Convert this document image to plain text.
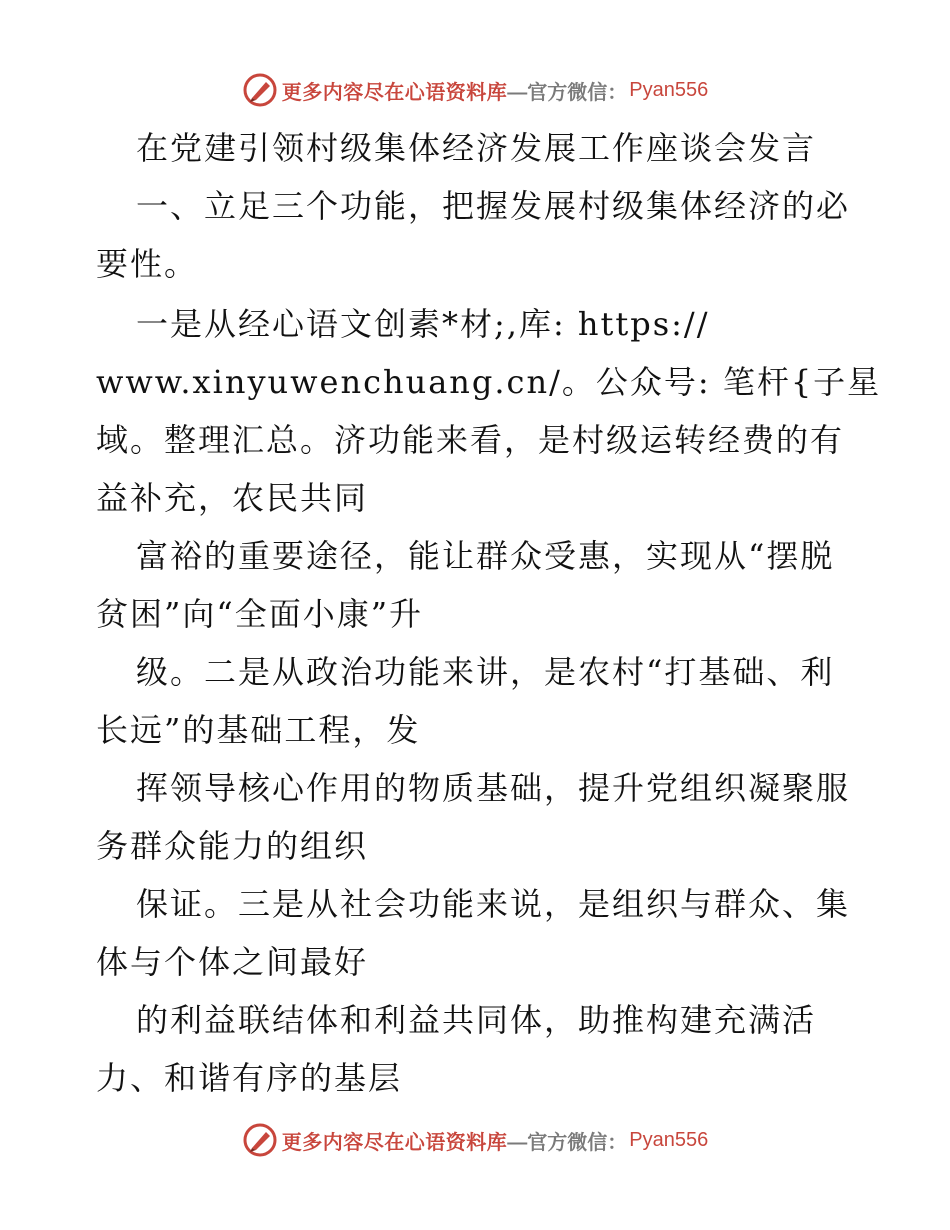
更多内容尽在心语资料库 —官方微信： Pyan556
在党建引领村级集体经济发展工作座谈会发言
一、立足三个功能，把握发展村级集体经济的必
要性。
一是从经心语文创素*材;,库: https://
www.xinyuwenchuang.cn/。公众号: 笔杆{子星
域。整理汇总。济功能来看，是村级运转经费的有
益补充，农民共同
富裕的重要途径，能让群众受惠，实现从“摆脱
贫困”向“全面小康”升
级。二是从政治功能来讲，是农村“打基础、利
长远”的基础工程，发
挥领导核心作用的物质基础，提升党组织凝聚服
务群众能力的组织
保证。三是从社会功能来说，是组织与群众、集
体与个体之间最好
的利益联结体和利益共同体，助推构建充满活
力、和谐有序的基层
更多内容尽在心语资料库 —官方微信： Pyan556
